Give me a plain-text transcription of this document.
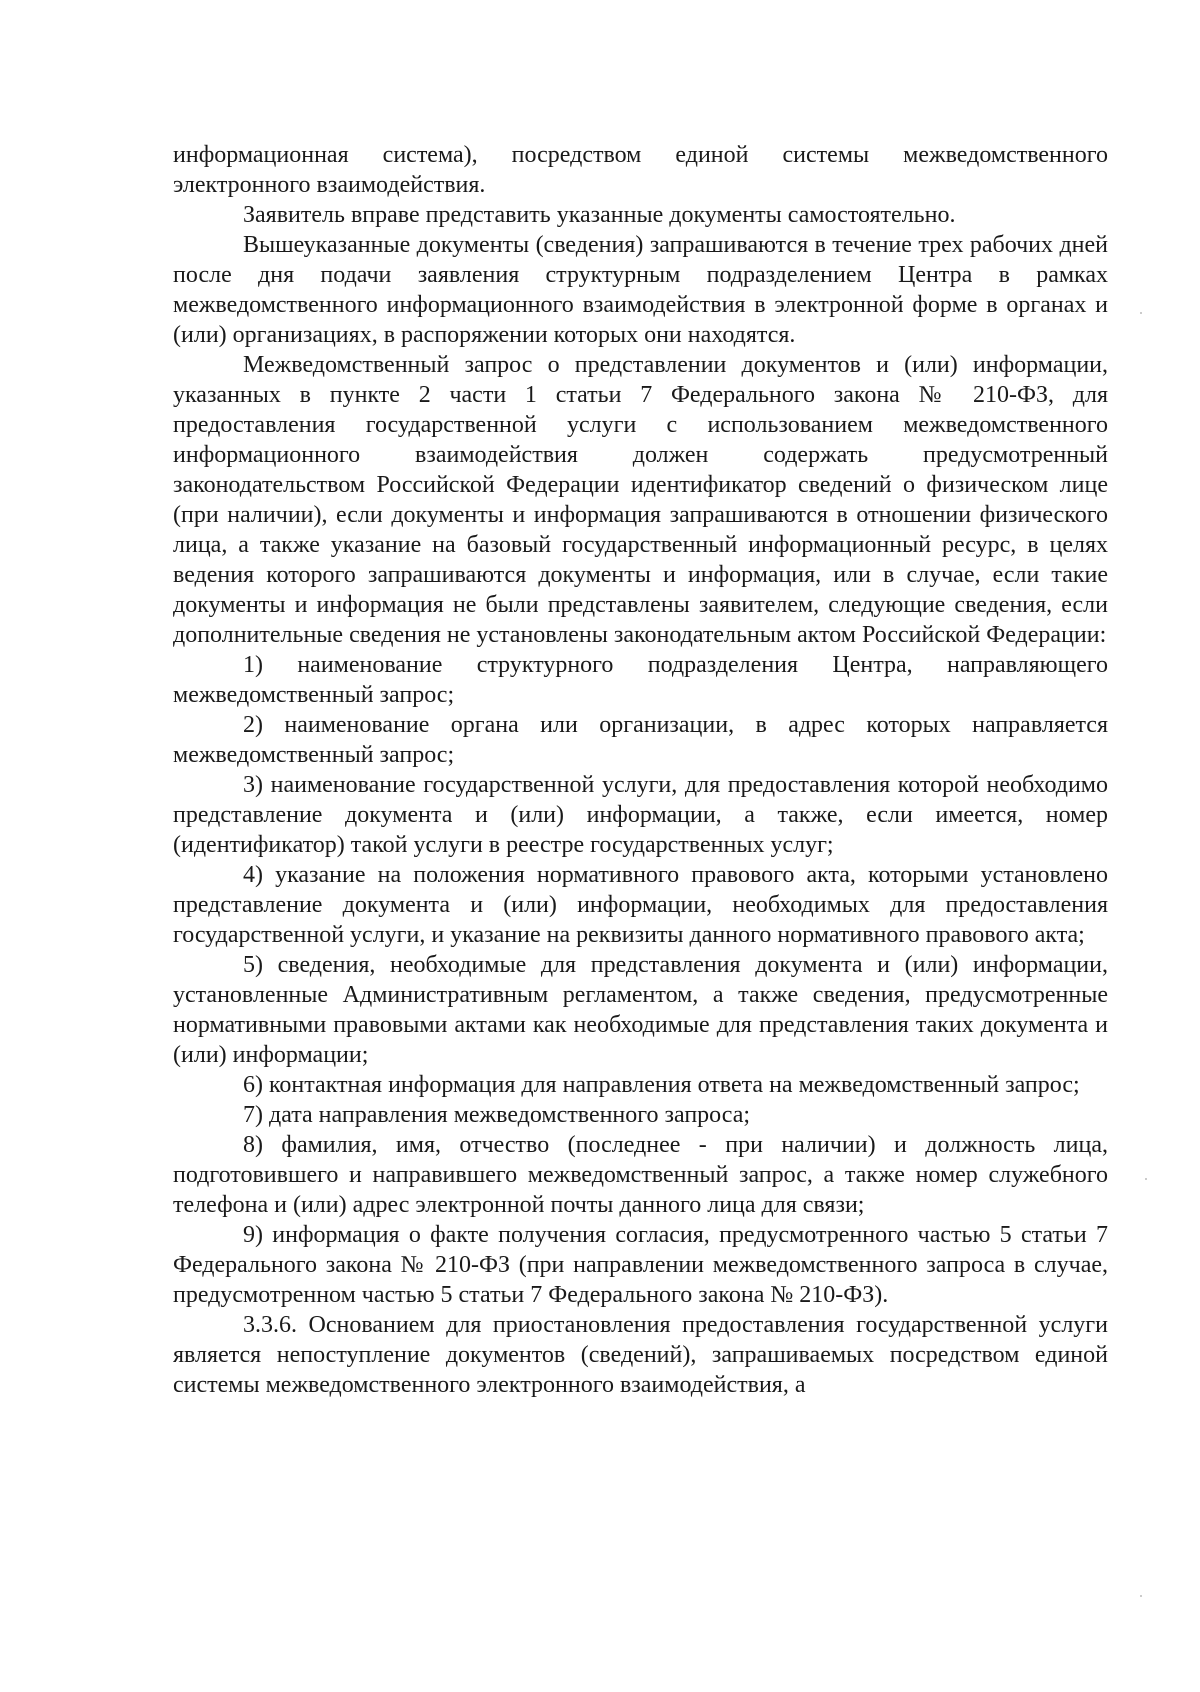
информационная система), посредством единой системы межведомственного электронного взаимодействия.

Заявитель вправе представить указанные документы самостоятельно.

Вышеуказанные документы (сведения) запрашиваются в течение трех рабочих дней после дня подачи заявления структурным подразделением Центра в рамках межведомственного информационного взаимодействия в электронной форме в органах и (или) организациях, в распоряжении которых они находятся.

Межведомственный запрос о представлении документов и (или) информации, указанных в пункте 2 части 1 статьи 7 Федерального закона № 210-ФЗ, для предоставления государственной услуги с использованием межведомственного информационного взаимодействия должен содержать предусмотренный законодательством Российской Федерации идентификатор сведений о физическом лице (при наличии), если документы и информация запрашиваются в отношении физического лица, а также указание на базовый государственный информационный ресурс, в целях ведения которого запрашиваются документы и информация, или в случае, если такие документы и информация не были представлены заявителем, следующие сведения, если дополнительные сведения не установлены законодательным актом Российской Федерации:

1) наименование структурного подразделения Центра, направляющего межведомственный запрос;

2) наименование органа или организации, в адрес которых направляется межведомственный запрос;

3) наименование государственной услуги, для предоставления которой необходимо представление документа и (или) информации, а также, если имеется, номер (идентификатор) такой услуги в реестре государственных услуг;

4) указание на положения нормативного правового акта, которыми установлено представление документа и (или) информации, необходимых для предоставления государственной услуги, и указание на реквизиты данного нормативного правового акта;

5) сведения, необходимые для представления документа и (или) информации, установленные Административным регламентом, а также сведения, предусмотренные нормативными правовыми актами как необходимые для представления таких документа и (или) информации;

6) контактная информация для направления ответа на межведомственный запрос;

7) дата направления межведомственного запроса;

8) фамилия, имя, отчество (последнее - при наличии) и должность лица, подготовившего и направившего межведомственный запрос, а также номер служебного телефона и (или) адрес электронной почты данного лица для связи;

9) информация о факте получения согласия, предусмотренного частью 5 статьи 7 Федерального закона № 210-ФЗ (при направлении межведомственного запроса в случае, предусмотренном частью 5 статьи 7 Федерального закона № 210-ФЗ).

3.3.6. Основанием для приостановления предоставления государственной услуги является непоступление документов (сведений), запрашиваемых посредством единой системы межведомственного электронного взаимодействия, а
